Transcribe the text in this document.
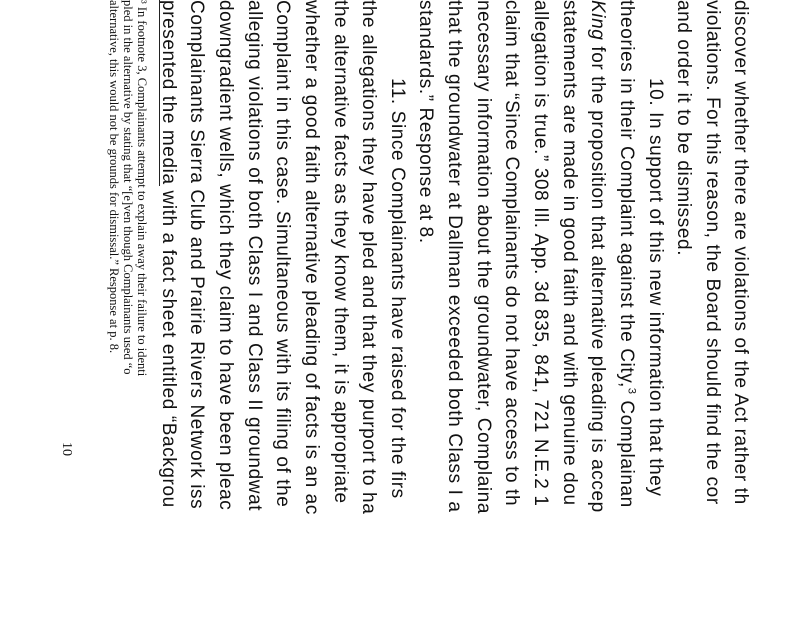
discover whether there are violations of the Act rather th
violations. For this reason, the Board should find the cor
and order it to be dismissed.
10. In support of this new information that they
theories in their Complaint against the City,$^3$ Complainan
King for the proposition that alternative pleading is accep
statements are made in good faith and with genuine dou
allegation is true.” 308 Ill. App. 3d 835, 841, 721 N.E.2 1
claim that “Since Complainants do not have access to th
necessary information about the groundwater, Complaina
that the groundwater at Dallman exceeded both Class I a
standards.” Response at 8.
11. Since Complainants have raised for the firs
the allegations they have pled and that they purport to ha
the alternative facts as they know them, it is appropriate
whether a good faith alternative pleading of facts is an ac
Complaint in this case. Simultaneous with its filing of the
alleging violations of both Class I and Class II groundwat
downgradient wells, which they claim to have been pleac
Complainants Sierra Club and Prairie Rivers Network iss
presented the media with a fact sheet entitled “Backgrou
³ In footnote 3, Complainants attempt to explain away their failure to identi
pled in the alternative by stating that “[e]ven though Complainants used “o
alternative, this would not be grounds for dismissal.” Response at p. 8.
10
